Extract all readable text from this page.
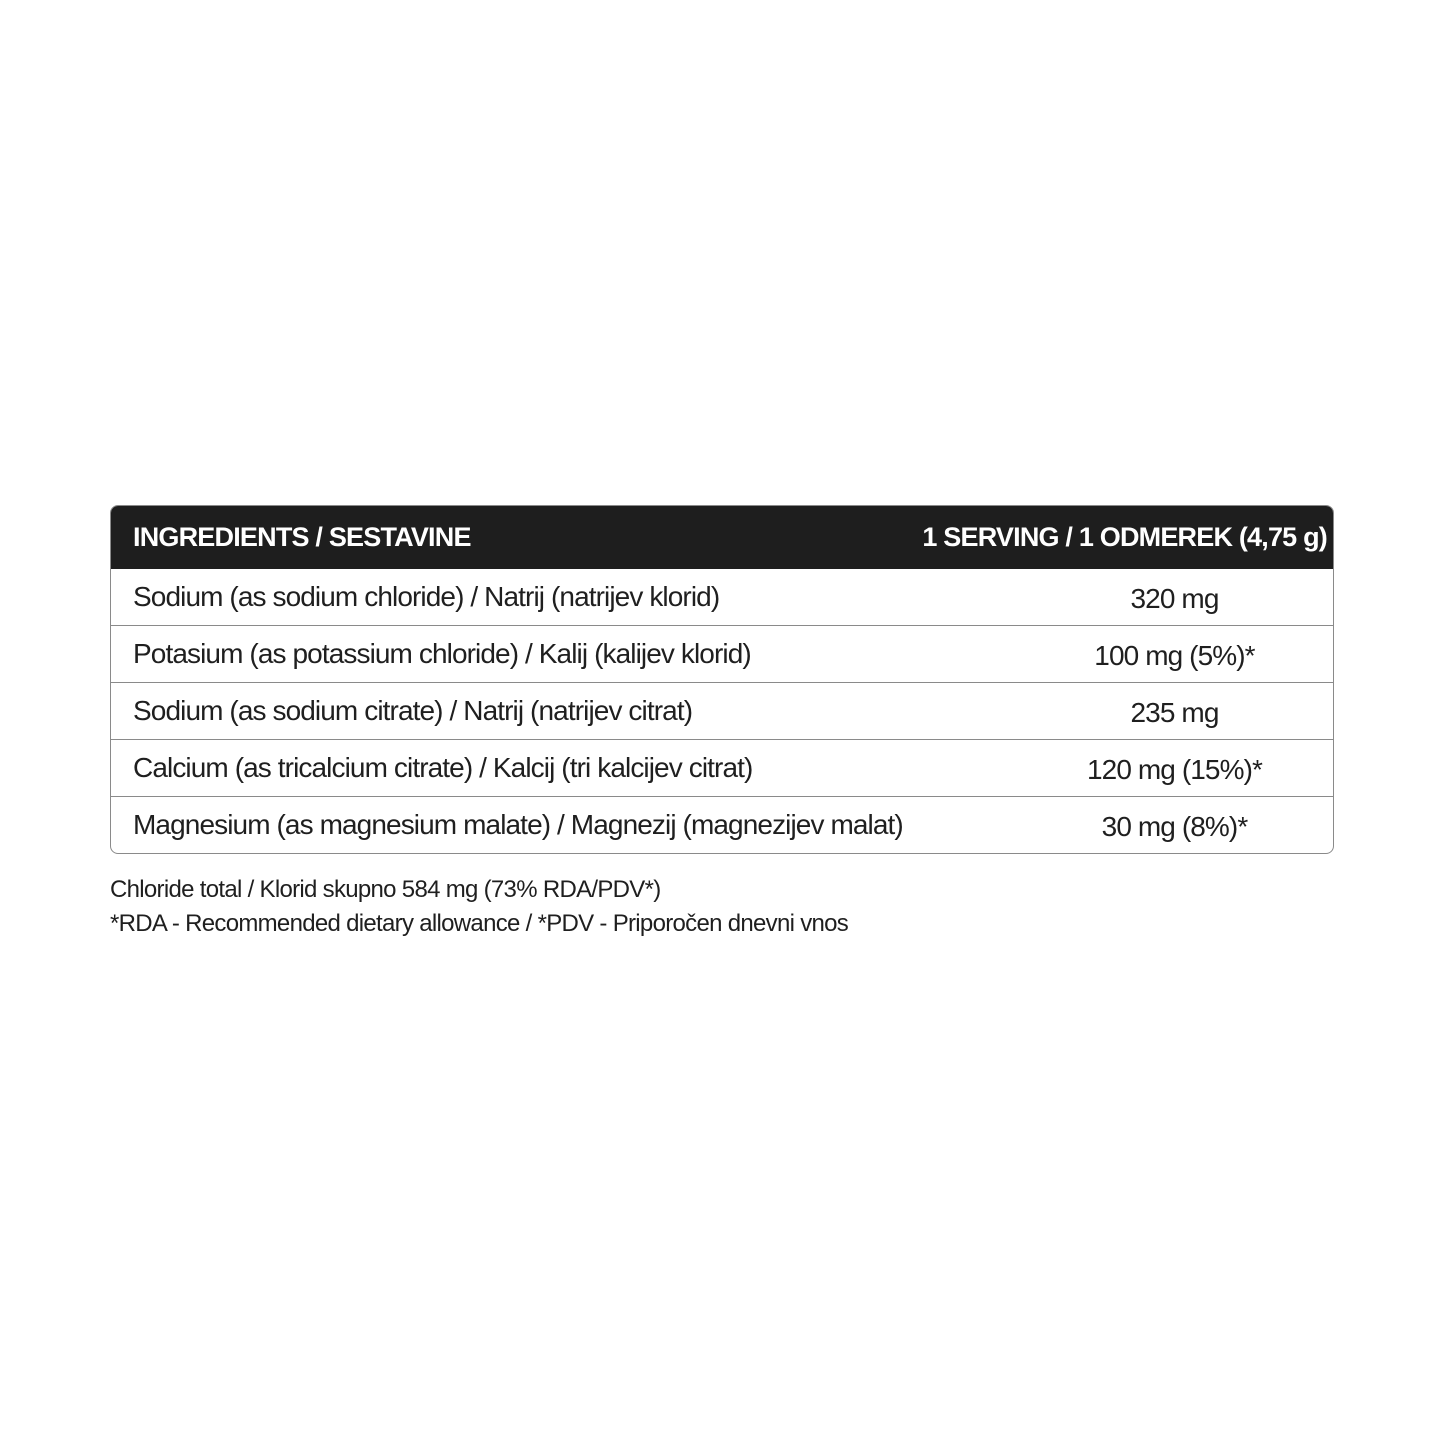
INGREDIENTS / SESTAVINE	1 SERVING / 1 ODMEREK (4,75 g)
Sodium (as sodium chloride) / Natrij (natrijev klorid)	320 mg
Potasium (as potassium chloride) / Kalij (kalijev klorid)	100 mg (5%)*
Sodium (as sodium citrate) / Natrij (natrijev citrat)	235 mg
Calcium (as tricalcium citrate) / Kalcij (tri kalcijev citrat)	120 mg (15%)*
Magnesium (as magnesium malate) / Magnezij (magnezijev malat)	30 mg (8%)*
Chloride total / Klorid skupno 584 mg (73% RDA/PDV*)
*RDA - Recommended dietary allowance / *PDV - Priporočen dnevni vnos
